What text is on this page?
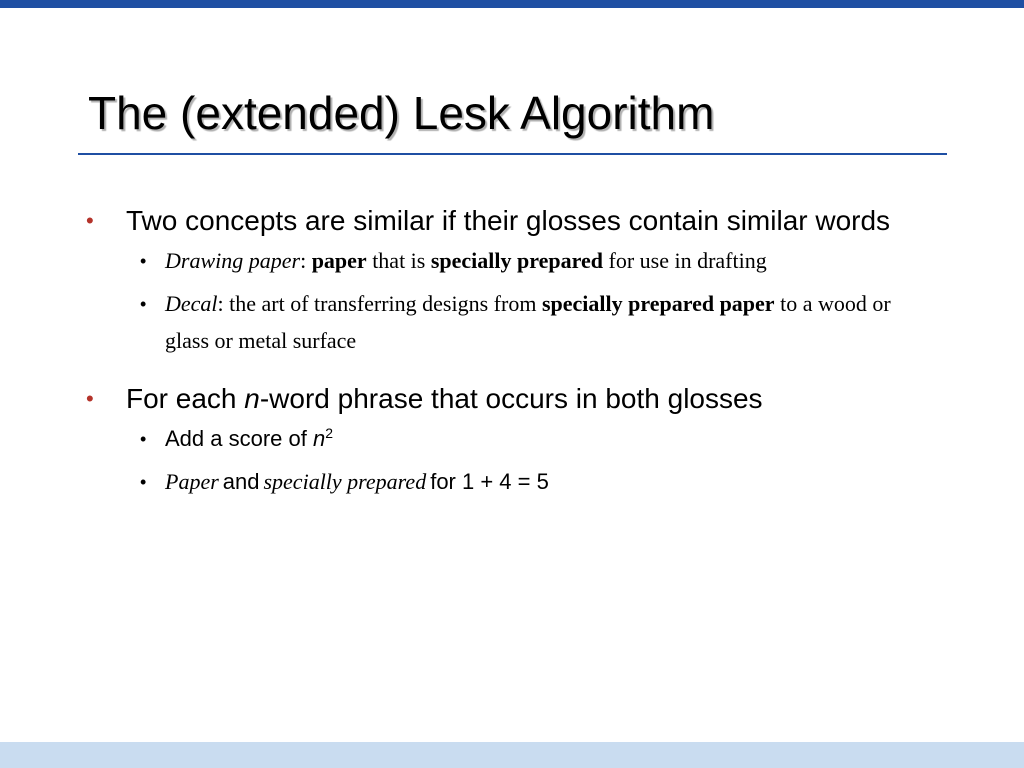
The (extended) Lesk Algorithm
• Two concepts are similar if their glosses contain similar words
• Drawing paper: paper that is specially prepared for use in drafting
• Decal: the art of transferring designs from specially prepared paper to a wood or glass or metal surface
• For each n-word phrase that occurs in both glosses
• Add a score of $n^2$
• Paper and specially prepared for 1 + 4 = 5
